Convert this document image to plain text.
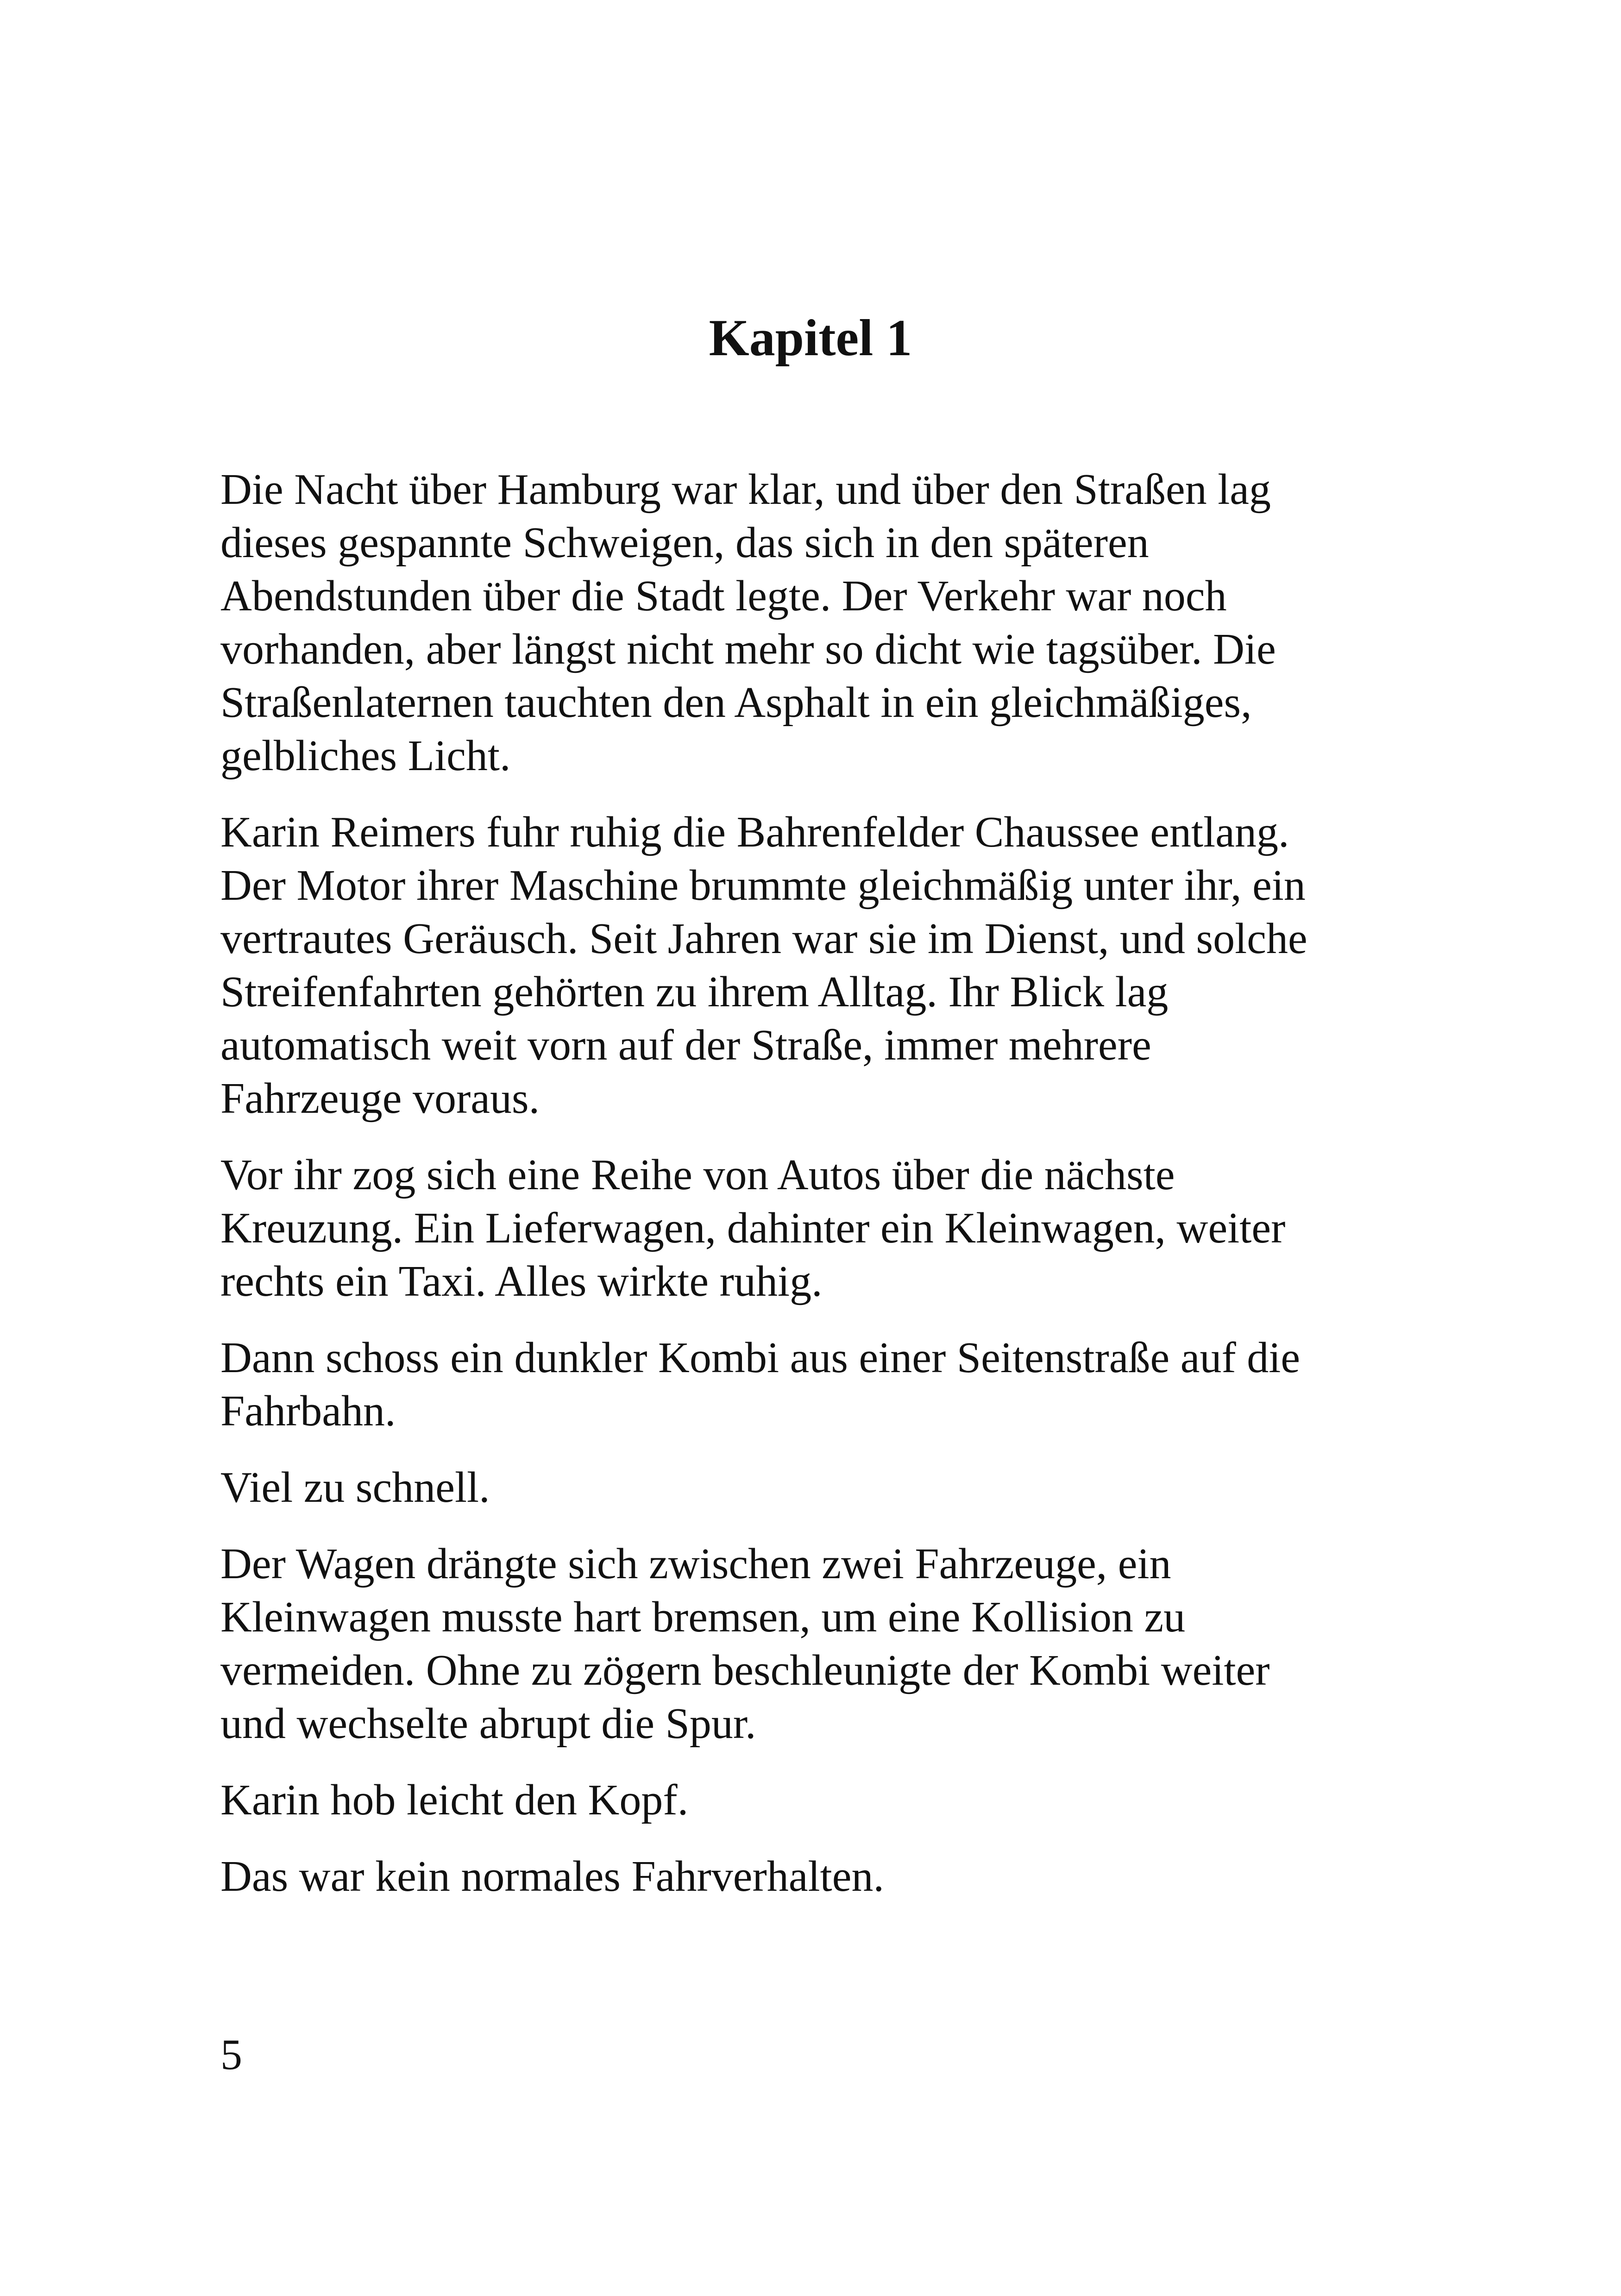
Kapitel 1

Die Nacht über Hamburg war klar, und über den Straßen lag
dieses gespannte Schweigen, das sich in den späteren
Abendstunden über die Stadt legte. Der Verkehr war noch
vorhanden, aber längst nicht mehr so dicht wie tagsüber. Die
Straßenlaternen tauchten den Asphalt in ein gleichmäßiges,
gelbliches Licht.

Karin Reimers fuhr ruhig die Bahrenfelder Chaussee entlang.
Der Motor ihrer Maschine brummte gleichmäßig unter ihr, ein
vertrautes Geräusch. Seit Jahren war sie im Dienst, und solche
Streifenfahrten gehörten zu ihrem Alltag. Ihr Blick lag
automatisch weit vorn auf der Straße, immer mehrere
Fahrzeuge voraus.

Vor ihr zog sich eine Reihe von Autos über die nächste
Kreuzung. Ein Lieferwagen, dahinter ein Kleinwagen, weiter
rechts ein Taxi. Alles wirkte ruhig.

Dann schoss ein dunkler Kombi aus einer Seitenstraße auf die
Fahrbahn.

Viel zu schnell.

Der Wagen drängte sich zwischen zwei Fahrzeuge, ein
Kleinwagen musste hart bremsen, um eine Kollision zu
vermeiden. Ohne zu zögern beschleunigte der Kombi weiter
und wechselte abrupt die Spur.

Karin hob leicht den Kopf.

Das war kein normales Fahrverhalten.

5
